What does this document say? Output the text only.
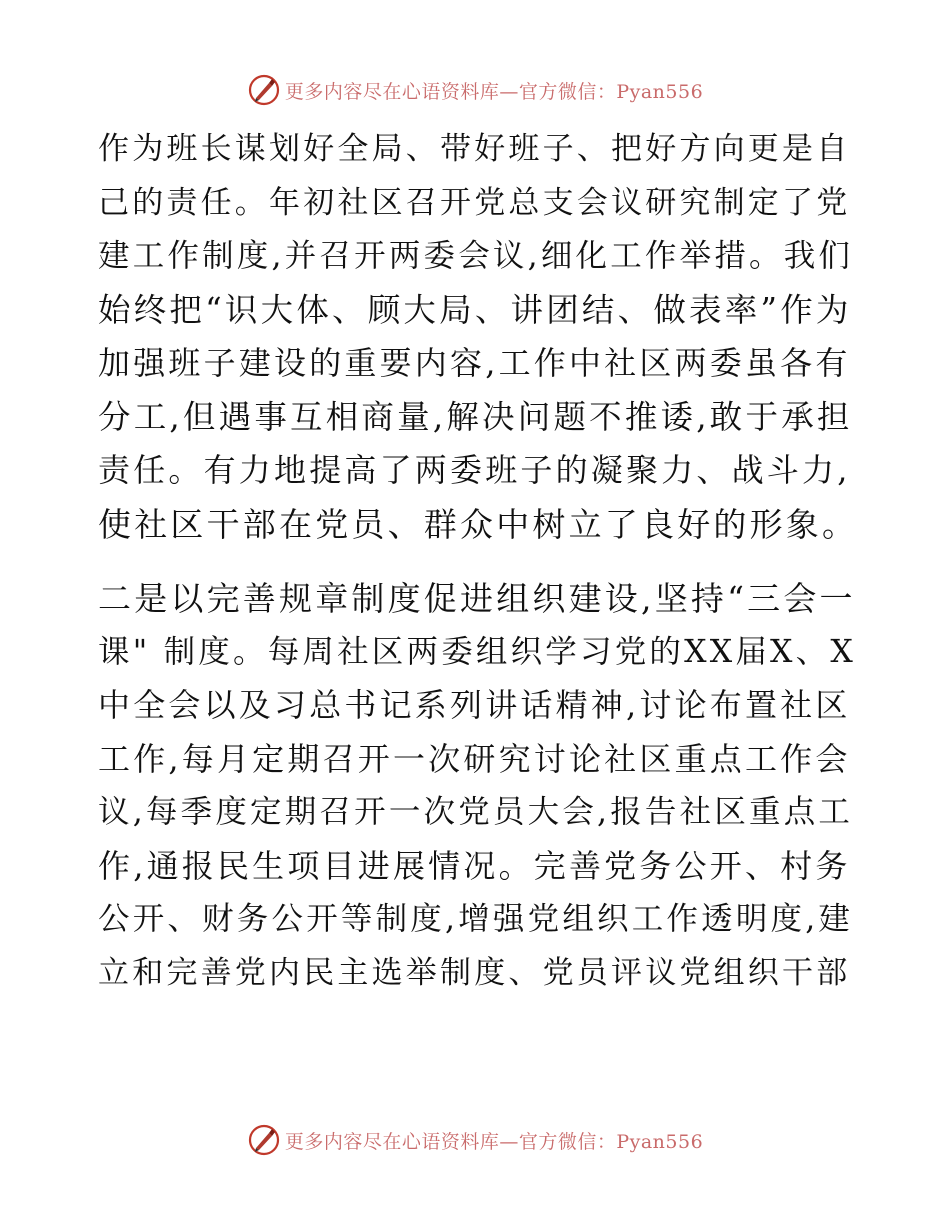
更多内容尽在心语资料库—官方微信：Pyan556
作为班长谋划好全局、带好班子、把好方向更是自
己的责任。年初社区召开党总支会议研究制定了党
建工作制度,并召开两委会议,细化工作举措。我们
始终把“识大体、顾大局、讲团结、做表率”作为
加强班子建设的重要内容,工作中社区两委虽各有
分工,但遇事互相商量,解决问题不推诿,敢于承担
责任。有力地提高了两委班子的凝聚力、战斗力,
使社区干部在党员、群众中树立了良好的形象。
二是以完善规章制度促进组织建设,坚持“三会一
课" 制度。每周社区两委组织学习党的XX届X、X
中全会以及习总书记系列讲话精神,讨论布置社区
工作,每月定期召开一次研究讨论社区重点工作会
议,每季度定期召开一次党员大会,报告社区重点工
作,通报民生项目进展情况。完善党务公开、村务
公开、财务公开等制度,增强党组织工作透明度,建
立和完善党内民主选举制度、党员评议党组织干部
更多内容尽在心语资料库—官方微信：Pyan556
